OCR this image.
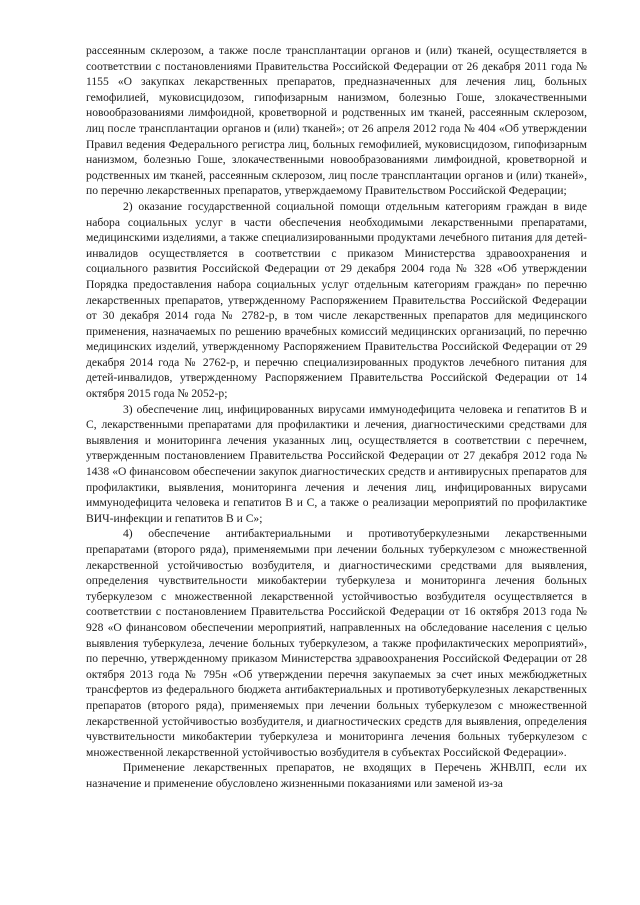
рассеянным склерозом, а также после трансплантации органов и (или) тканей, осуществляется в соответствии с постановлениями Правительства Российской Федерации от 26 декабря 2011 года № 1155 «О закупках лекарственных препаратов, предназначенных для лечения лиц, больных гемофилией, муковисцидозом, гипофизарным нанизмом, болезнью Гоше, злокачественными новообразованиями лимфоидной, кроветворной и родственных им тканей, рассеянным склерозом, лиц после трансплантации органов и (или) тканей»; от 26 апреля 2012 года № 404 «Об утверждении Правил ведения Федерального регистра лиц, больных гемофилией, муковисцидозом, гипофизарным нанизмом, болезнью Гоше, злокачественными новообразованиями лимфоидной, кроветворной и родственных им тканей, рассеянным склерозом, лиц после трансплантации органов и (или) тканей», по перечню лекарственных препаратов, утверждаемому Правительством Российской Федерации;

2) оказание государственной социальной помощи отдельным категориям граждан в виде набора социальных услуг в части обеспечения необходимыми лекарственными препаратами, медицинскими изделиями, а также специализированными продуктами лечебного питания для детей-инвалидов осуществляется в соответствии с приказом Министерства здравоохранения и социального развития Российской Федерации от 29 декабря 2004 года № 328 «Об утверждении Порядка предоставления набора социальных услуг отдельным категориям граждан» по перечню лекарственных препаратов, утвержденному Распоряжением Правительства Российской Федерации от 30 декабря 2014 года № 2782-р, в том числе лекарственных препаратов для медицинского применения, назначаемых по решению врачебных комиссий медицинских организаций, по перечню медицинских изделий, утвержденному Распоряжением Правительства Российской Федерации от 29 декабря 2014 года № 2762-р, и перечню специализированных продуктов лечебного питания для детей-инвалидов, утвержденному Распоряжением Правительства Российской Федерации от 14 октября 2015 года № 2052-р;

3) обеспечение лиц, инфицированных вирусами иммунодефицита человека и гепатитов В и С, лекарственными препаратами для профилактики и лечения, диагностическими средствами для выявления и мониторинга лечения указанных лиц, осуществляется в соответствии с перечнем, утвержденным постановлением Правительства Российской Федерации от 27 декабря 2012 года № 1438 «О финансовом обеспечении закупок диагностических средств и антивирусных препаратов для профилактики, выявления, мониторинга лечения и лечения лиц, инфицированных вирусами иммунодефицита человека и гепатитов В и С, а также о реализации мероприятий по профилактике ВИЧ-инфекции и гепатитов В и С»;

4) обеспечение антибактериальными и противотуберкулезными лекарственными препаратами (второго ряда), применяемыми при лечении больных туберкулезом с множественной лекарственной устойчивостью возбудителя, и диагностическими средствами для выявления, определения чувствительности микобактерии туберкулеза и мониторинга лечения больных туберкулезом с множественной лекарственной устойчивостью возбудителя осуществляется в соответствии с постановлением Правительства Российской Федерации от 16 октября 2013 года № 928 «О финансовом обеспечении мероприятий, направленных на обследование населения с целью выявления туберкулеза, лечение больных туберкулезом, а также профилактических мероприятий», по перечню, утвержденному приказом Министерства здравоохранения Российской Федерации от 28 октября 2013 года № 795н «Об утверждении перечня закупаемых за счет иных межбюджетных трансфертов из федерального бюджета антибактериальных и противотуберкулезных лекарственных препаратов (второго ряда), применяемых при лечении больных туберкулезом с множественной лекарственной устойчивостью возбудителя, и диагностических средств для выявления, определения чувствительности микобактерии туберкулеза и мониторинга лечения больных туберкулезом с множественной лекарственной устойчивостью возбудителя в субъектах Российской Федерации».

Применение лекарственных препаратов, не входящих в Перечень ЖНВЛП, если их назначение и применение обусловлено жизненными показаниями или заменой из-за
